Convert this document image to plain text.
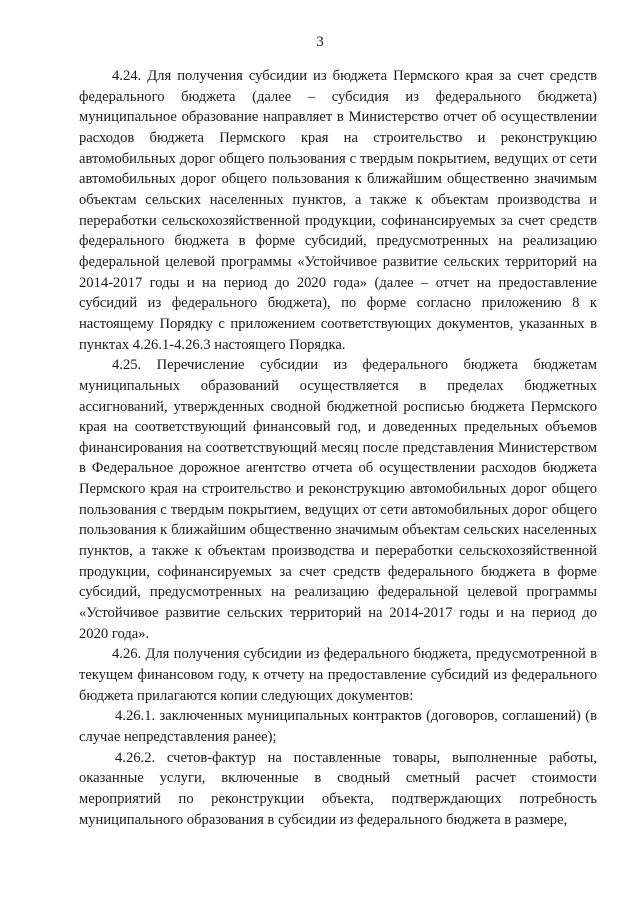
3

4.24. Для получения субсидии из бюджета Пермского края за счет средств федерального бюджета (далее – субсидия из федерального бюджета) муниципальное образование направляет в Министерство отчет об осуществлении расходов бюджета Пермского края на строительство и реконструкцию автомобильных дорог общего пользования с твердым покрытием, ведущих от сети автомобильных дорог общего пользования к ближайшим общественно значимым объектам сельских населенных пунктов, а также к объектам производства и переработки сельскохозяйственной продукции, софинансируемых за счет средств федерального бюджета в форме субсидий, предусмотренных на реализацию федеральной целевой программы «Устойчивое развитие сельских территорий на 2014-2017 годы и на период до 2020 года» (далее – отчет на предоставление субсидий из федерального бюджета), по форме согласно приложению 8 к настоящему Порядку с приложением соответствующих документов, указанных в пунктах 4.26.1-4.26.3 настоящего Порядка.

4.25. Перечисление субсидии из федерального бюджета бюджетам муниципальных образований осуществляется в пределах бюджетных ассигнований, утвержденных сводной бюджетной росписью бюджета Пермского края на соответствующий финансовый год, и доведенных предельных объемов финансирования на соответствующий месяц после представления Министерством в Федеральное дорожное агентство отчета об осуществлении расходов бюджета Пермского края на строительство и реконструкцию автомобильных дорог общего пользования с твердым покрытием, ведущих от сети автомобильных дорог общего пользования к ближайшим общественно значимым объектам сельских населенных пунктов, а также к объектам производства и переработки сельскохозяйственной продукции, софинансируемых за счет средств федерального бюджета в форме субсидий, предусмотренных на реализацию федеральной целевой программы «Устойчивое развитие сельских территорий на 2014-2017 годы и на период до 2020 года».

4.26. Для получения субсидии из федерального бюджета, предусмотренной в текущем финансовом году, к отчету на предоставление субсидий из федерального бюджета прилагаются копии следующих документов:

4.26.1. заключенных муниципальных контрактов (договоров, соглашений) (в случае непредставления ранее);

4.26.2. счетов-фактур на поставленные товары, выполненные работы, оказанные услуги, включенные в сводный сметный расчет стоимости мероприятий по реконструкции объекта, подтверждающих потребность муниципального образования в субсидии из федерального бюджета в размере,
